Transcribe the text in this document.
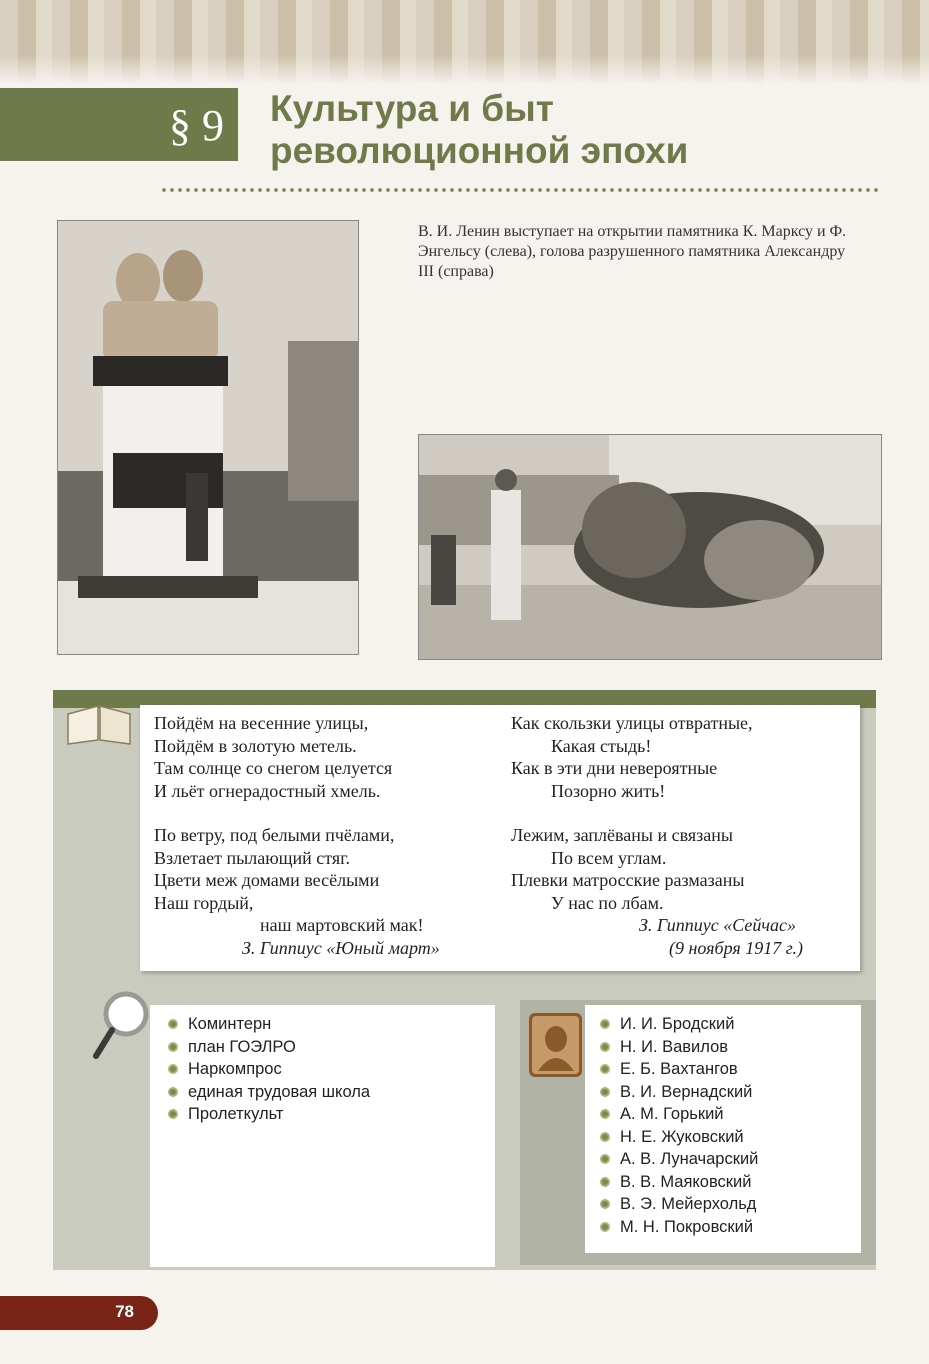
§ 9 Культура и быт
революционной эпохи
В. И. Ленин выступает на открытии памятника К. Марксу и Ф. Энгельсу (слева), голова разрушенного памятника Александру III (справа)
Пойдём на весенние улицы,
Пойдём в золотую метель.
Там солнце со снегом целуется
И льёт огнерадостный хмель.
По ветру, под белыми пчёлами,
Взлетает пылающий стяг.
Цвети меж домами весёлыми
Наш гордый,
наш мартовский мак!
З. Гиппиус «Юный март»
Как скользки улицы отвратные,
Какая стыдь!
Как в эти дни невероятные
Позорно жить!
Лежим, заплёваны и связаны
По всем углам.
Плевки матросские размазаны
У нас по лбам.
З. Гиппиус «Сейчас»
(9 ноября 1917 г.)
Коминтерн
план ГОЭЛРО
Наркомпрос
единая трудовая школа
Пролеткульт
И. И. Бродский
Н. И. Вавилов
Е. Б. Вахтангов
В. И. Вернадский
А. М. Горький
Н. Е. Жуковский
А. В. Луначарский
В. В. Маяковский
В. Э. Мейерхольд
М. Н. Покровский
78
